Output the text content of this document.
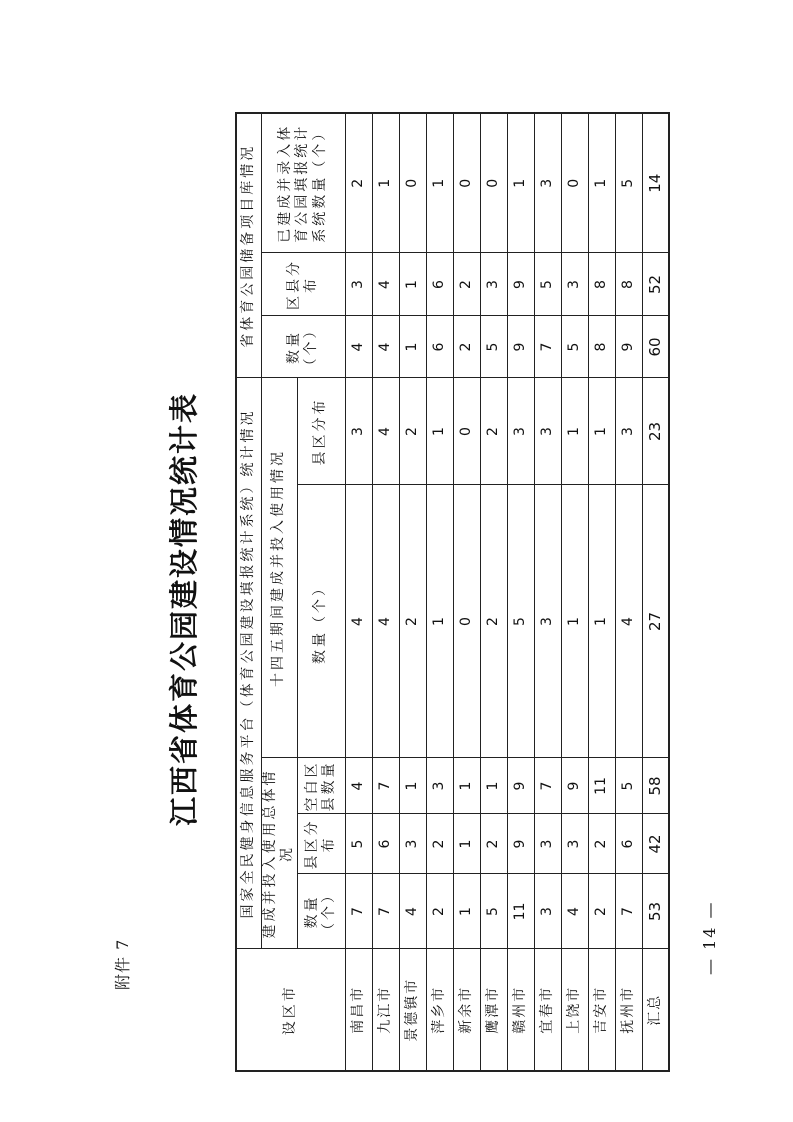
附件 7
江西省体育公园建设情况统计表
— 14 —
设区市	国家全民健身信息服务平台（体育公园建设填报统计系统）统计情况					省体育公园储备项目库情况		
	建成并投入使用总体情况			十四五期间建成并投入使用情况		数量（个）	区县分布	已建成并录入体育公园填报统计系统数量（个）
	数量（个）	县区分布	空白区县数量	数量（个）	县区分布			
南昌市	7	5	4	4	3	4	3	2
九江市	7	6	7	4	4	4	4	1
景德镇市	4	3	1	2	2	1	1	0
萍乡市	2	2	3	1	1	6	6	1
新余市	1	1	1	0	0	2	2	0
鹰潭市	5	2	1	2	2	5	3	0
赣州市	11	9	9	5	3	9	9	1
宜春市	3	3	7	3	3	7	5	3
上饶市	4	3	9	1	1	5	3	0
吉安市	2	2	11	1	1	8	8	1
抚州市	7	6	5	4	3	9	8	5
汇总	53	42	58	27	23	60	52	14
